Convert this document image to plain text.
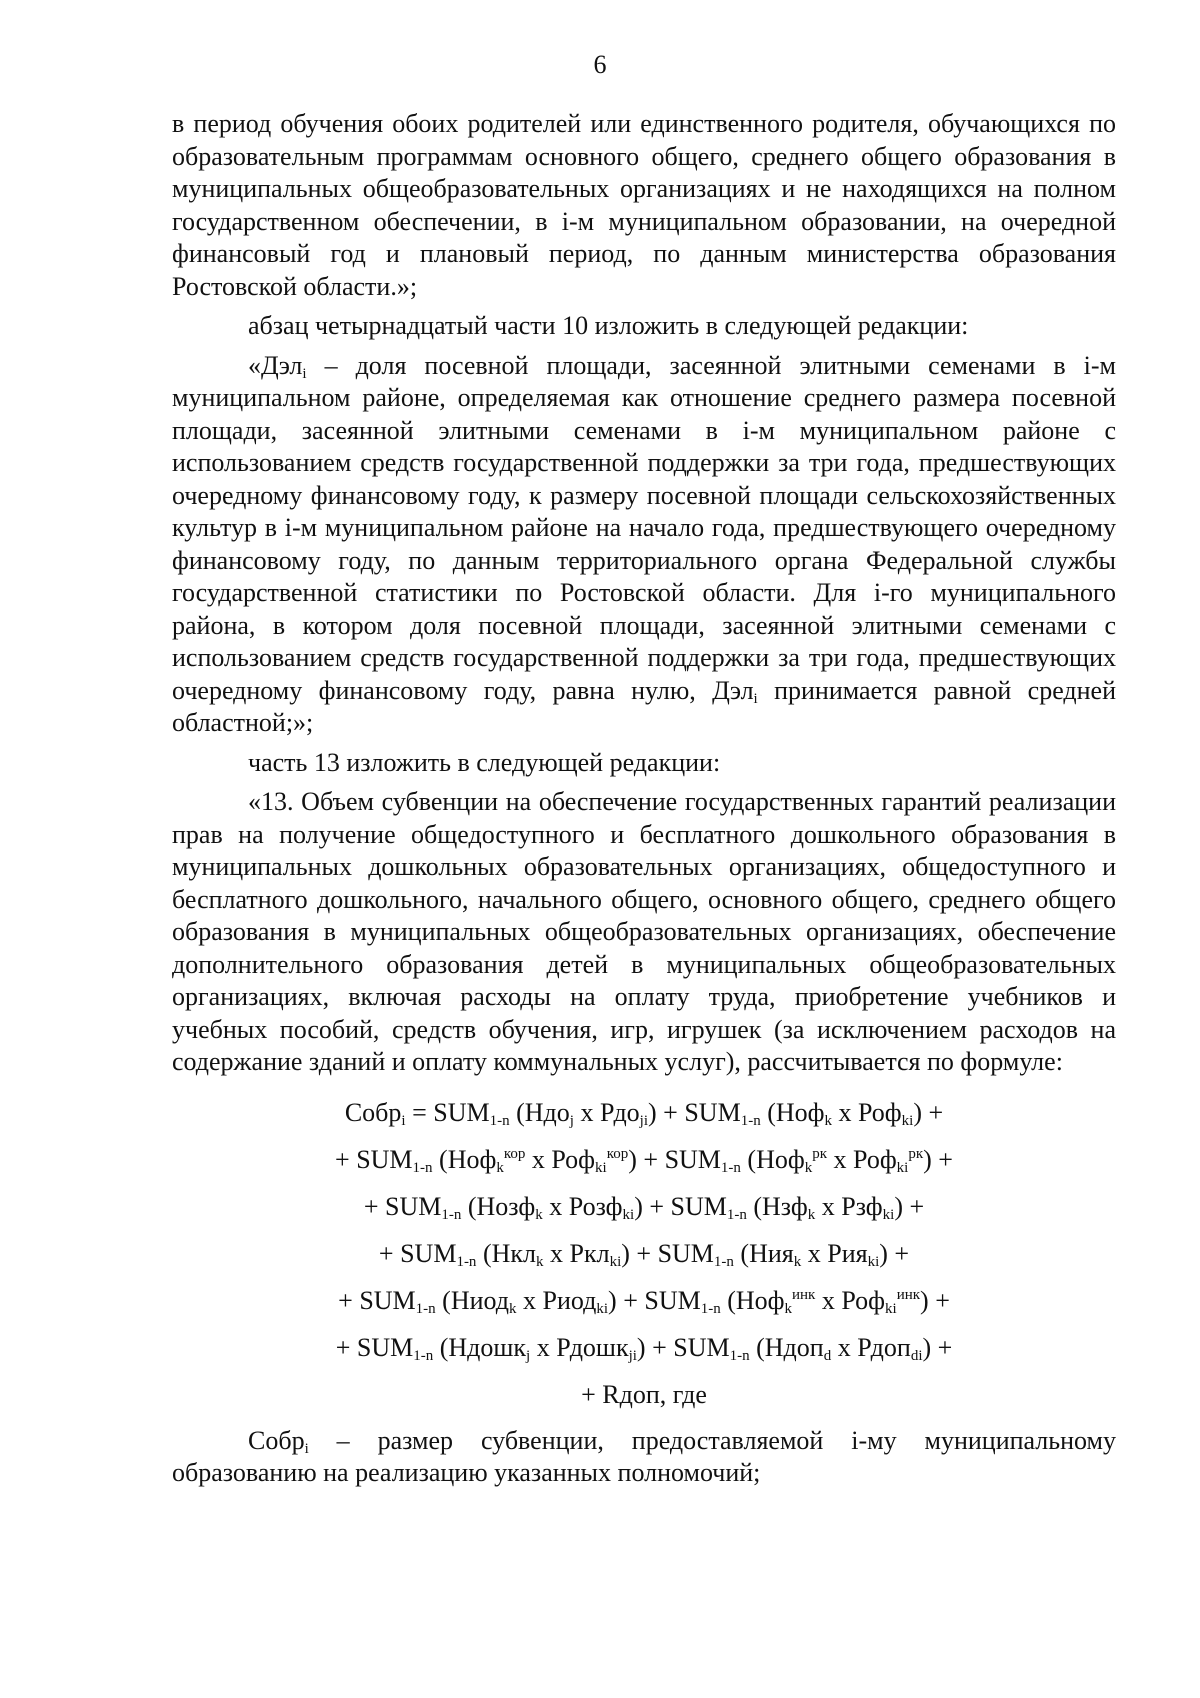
6

в период обучения обоих родителей или единственного родителя, обучающихся по образовательным программам основного общего, среднего общего образования в муниципальных общеобразовательных организациях и не находящихся на полном государственном обеспечении, в i-м муниципальном образовании, на очередной финансовый год и плановый период, по данным министерства образования Ростовской области.»;

абзац четырнадцатый части 10 изложить в следующей редакции:

«Дэл$_i$ – доля посевной площади, засеянной элитными семенами в i-м муниципальном районе, определяемая как отношение среднего размера посевной площади, засеянной элитными семенами в i-м муниципальном районе с использованием средств государственной поддержки за три года, предшествующих очередному финансовому году, к размеру посевной площади сельскохозяйственных культур в i-м муниципальном районе на начало года, предшествующего очередному финансовому году, по данным территориального органа Федеральной службы государственной статистики по Ростовской области. Для i-го муниципального района, в котором доля посевной площади, засеянной элитными семенами с использованием средств государственной поддержки за три года, предшествующих очередному финансовому году, равна нулю, Дэл$_i$ принимается равной средней областной;»;

часть 13 изложить в следующей редакции:

«13. Объем субвенции на обеспечение государственных гарантий реализации прав на получение общедоступного и бесплатного дошкольного образования в муниципальных дошкольных образовательных организациях, общедоступного и бесплатного дошкольного, начального общего, основного общего, среднего общего образования в муниципальных общеобразовательных организациях, обеспечение дополнительного образования детей в муниципальных общеобразовательных организациях, включая расходы на оплату труда, приобретение учебников и учебных пособий, средств обучения, игр, игрушек (за исключением расходов на содержание зданий и оплату коммунальных услуг), рассчитывается по формуле:

Собр$_i$ = $SUM_{1-n}$ (Ндо$_j$ х $Рдо_{ji}) + SUM_{1-n}$ (Ноф$_k$ х Роф$_{ki}$) +
+ $SUM_{1-n}$ (Ноф$_k^{кор}$ х $Роф_{ki}^{кор}) + SUM_{1-n}$ (Ноф$_k^{рк}$ х Роф$_{ki}^{рк}$) +
+ $SUM_{1-n}$ (Нозф$_k$ х Розф$_{ki}$) + $SUM_{1-n}$ (Нзф$_k$ х Рзф$_{ki}$) +
+ $SUM_{1-n}$ (Нкл$_k$ х $Ркл_{ki}) + SUM_{1-n}$ (Ния$_k$ х Рия$_{ki}$) +
+ $SUM_{1-n}$ (Ниод$_k$ х Риод$_{ki}$) + $SUM_{1-n}$ (Ноф$_k^{инк}$ х Роф$_{ki}^{инк}$) +
+ $SUM_{1-n}$ (Ндошк$_j$ х Рдошк$_{ji}$) + $SUM_{1-n}$ (Ндоп$_d$ х Рдоп$_{di}$) +
+ Rдоп, где

Собр$_i$ – размер субвенции, предоставляемой i-му муниципальному образованию на реализацию указанных полномочий;
